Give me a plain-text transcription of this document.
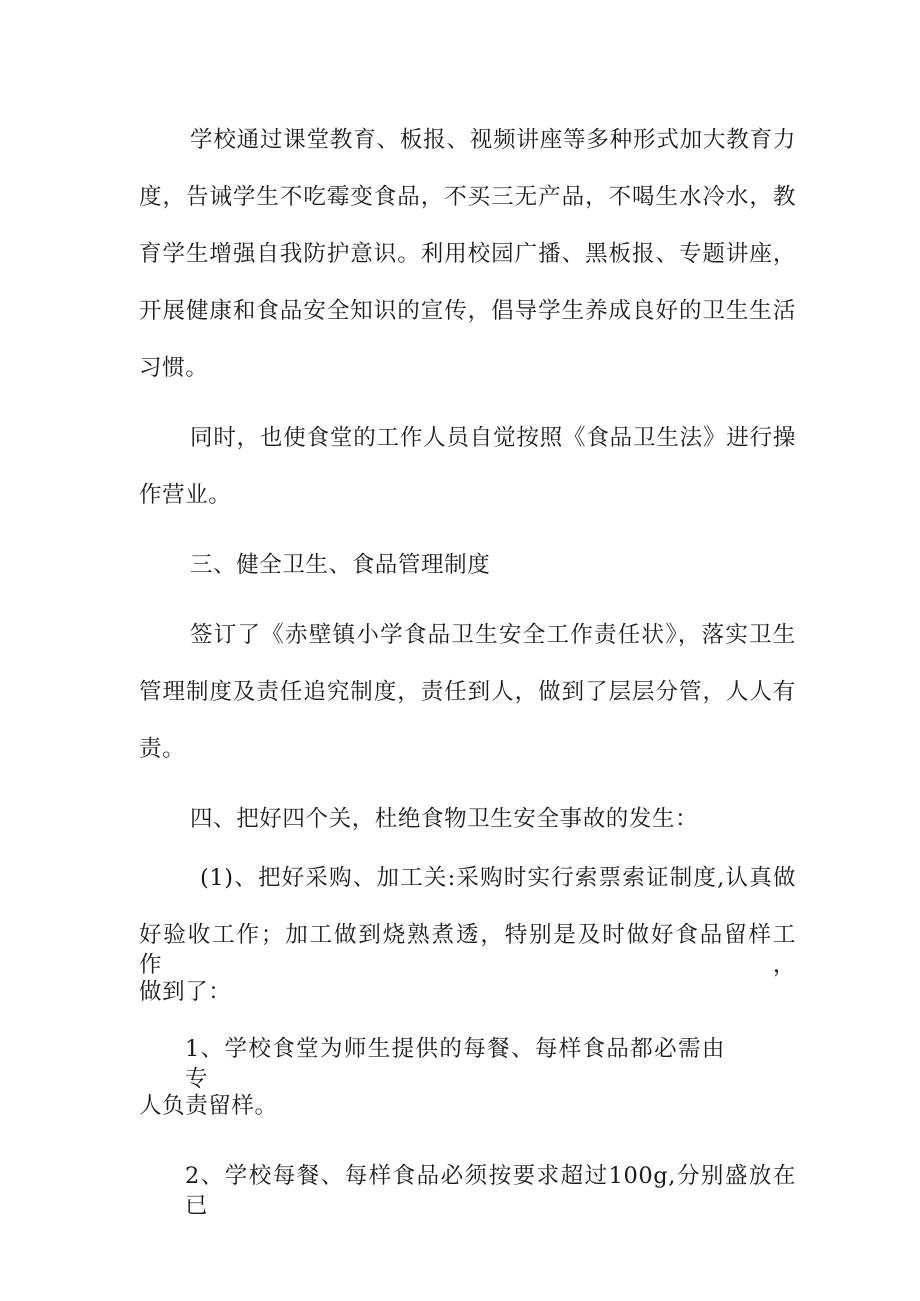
学校通过课堂教育、板报、视频讲座等多种形式加大教育力
度，告诫学生不吃霉变食品，不买三无产品，不喝生水冷水，教
育学生增强自我防护意识。利用校园广播、黑板报、专题讲座，
开展健康和食品安全知识的宣传，倡导学生养成良好的卫生生活
习惯。
同时，也使食堂的工作人员自觉按照《食品卫生法》进行操
作营业。
三、健全卫生、食品管理制度
签订了《赤壁镇小学食品卫生安全工作责任状》，落实卫生
管理制度及责任追究制度，责任到人，做到了层层分管，人人有
责。
四、把好四个关，杜绝食物卫生安全事故的发生：
(1)、把好采购、加工关:采购时实行索票索证制度,认真做
好验收工作；加工做到烧熟煮透，特别是及时做好食品留样工作，
做到了：
1、学校食堂为师生提供的每餐、每样食品都必需由专
人负责留样。
2、学校每餐、每样食品必须按要求超过100g,分别盛放在已
